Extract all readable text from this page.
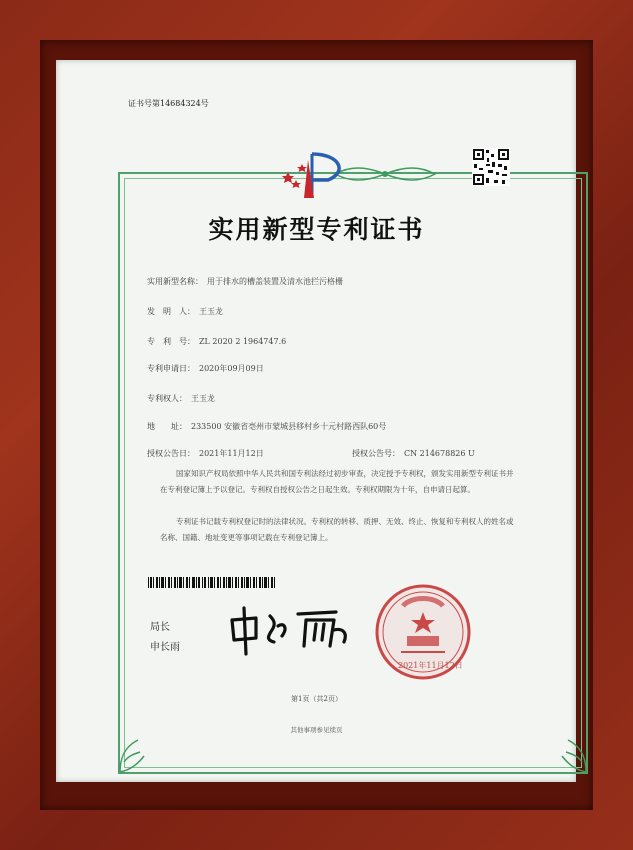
证书号第14684324号
实用新型专利证书
实用新型名称： 用于排水的槽盖装置及清水池拦污格栅
发　明　人： 王玉龙
专　利　号： ZL 2020 2 1964747.6
专利申请日： 2020年09月09日
专利权人： 王玉龙
地　　址： 233500 安徽省亳州市蒙城县移村乡十元村路西队60号
授权公告日： 2021年11月12日	授权公告号： CN 214678826 U
国家知识产权局依照中华人民共和国专利法经过初步审查，决定授予专利权，颁发实用新型专利证书并在专利登记簿上予以登记。专利权自授权公告之日起生效。专利权期限为十年，自申请日起算。
专利证书记载专利权登记时的法律状况。专利权的转移、质押、无效、终止、恢复和专利权人的姓名或名称、国籍、地址变更等事项记载在专利登记簿上。
局长
申长雨
2021年11月12日
第1页（共2页）
其他事项参见续页
